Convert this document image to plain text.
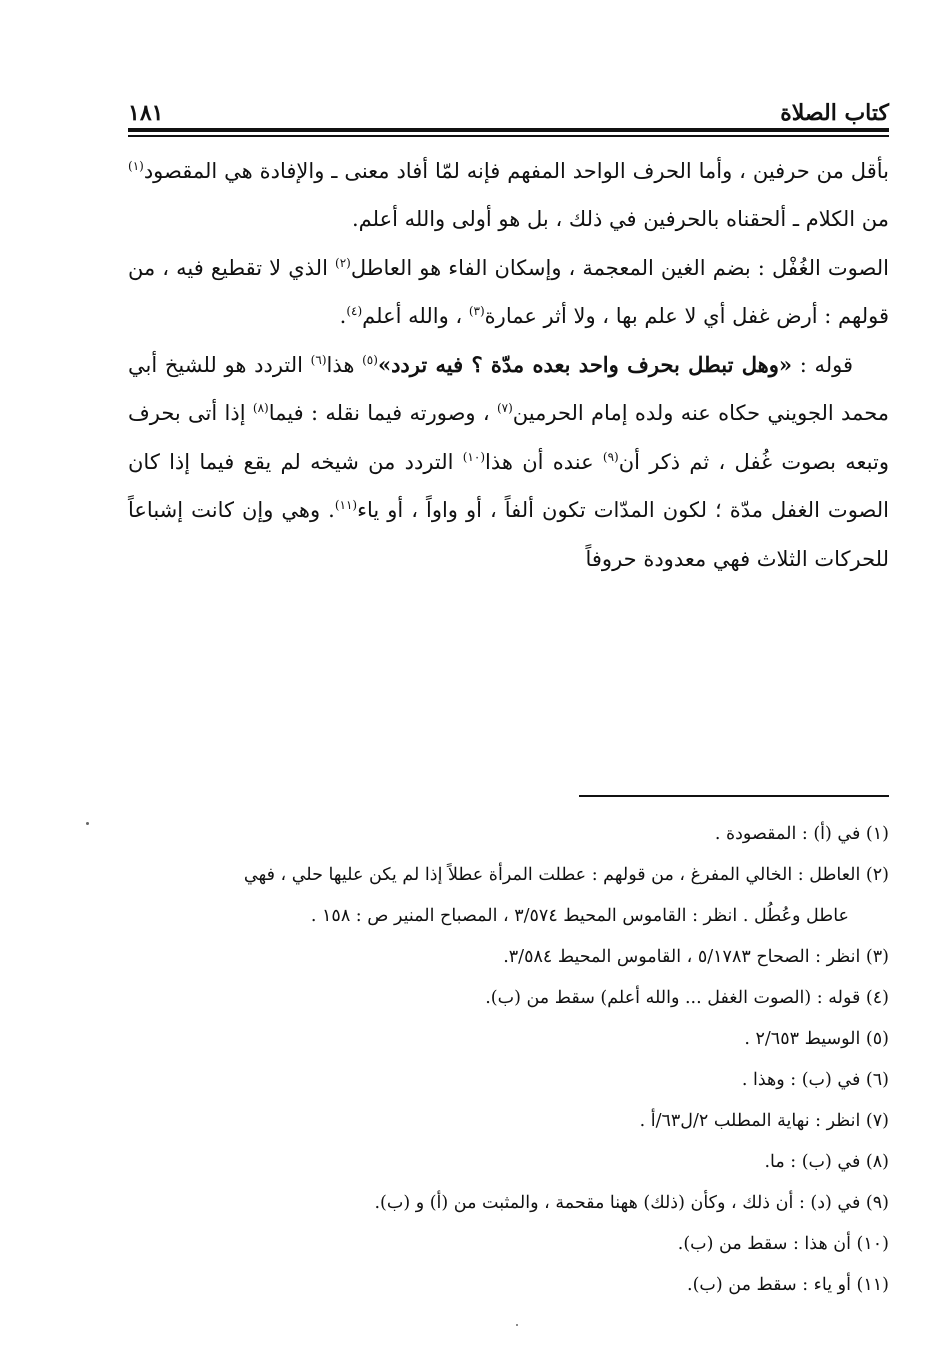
كتاب الصلاة
١٨١

بأقل من حرفين ، وأما الحرف الواحد المفهم فإنه لمّا أفاد معنى ـ والإفادة هي المقصود$^{(١)}$ من الكلام ـ ألحقناه بالحرفين في ذلك ، بل هو أولى والله أعلم.

الصوت الغُفْل : بضم الغين المعجمة ، وإسكان الفاء هو العاطل$^{(٢)}$ الذي لا تقطيع فيه ، من قولهم : أرض غفل أي لا علم بها ، ولا أثر عمارة$^{(٣)}$ ، والله أعلم$^{(٤)}$.

قوله : «وهل تبطل بحرف واحد بعده مدّة ؟ فيه تردد»$^{(٥)}$ هذا$^{(٦)}$ التردد هو للشيخ أبي محمد الجويني حكاه عنه ولده إمام الحرمين$^{(٧)}$ ، وصورته فيما نقله : فيما$^{(٨)}$ إذا أتى بحرف وتبعه بصوت غُفل ، ثم ذكر أن$^{(٩)}$ عنده أن هذا$^{(١٠)}$ التردد من شيخه لم يقع فيما إذا كان الصوت الغفل مدّة ؛ لكون المدّات تكون ألفاً ، أو واواً ، أو ياء$^{(١١)}$. وهي وإن كانت إشباعاً للحركات الثلاث فهي معدودة حروفاً

(١) في (أ) : المقصودة .

(٢) العاطل : الخالي المفرغ ، من قولهم : عطلت المرأة عطلاً إذا لم يكن عليها حلي ، فهي
عاطل وعُطُل . انظر : القاموس المحيط ٣/٥٧٤ ، المصباح المنير ص : ١٥٨ .

(٣) انظر : الصحاح ٥/١٧٨٣ ، القاموس المحيط ٣/٥٨٤.

(٤) قوله : (الصوت الغفل ... والله أعلم) سقط من (ب).

(٥) الوسيط ٢/٦٥٣ .

(٦) في (ب) : وهذا .

(٧) انظر : نهاية المطلب ٢/ل٦٣/أ .

(٨) في (ب) : ما.

(٩) في (د) : أن ذلك ، وكأن (ذلك) ههنا مقحمة ، والمثبت من (أ) و (ب).

(١٠) أن هذا : سقط من (ب).

(١١) أو ياء : سقط من (ب).
